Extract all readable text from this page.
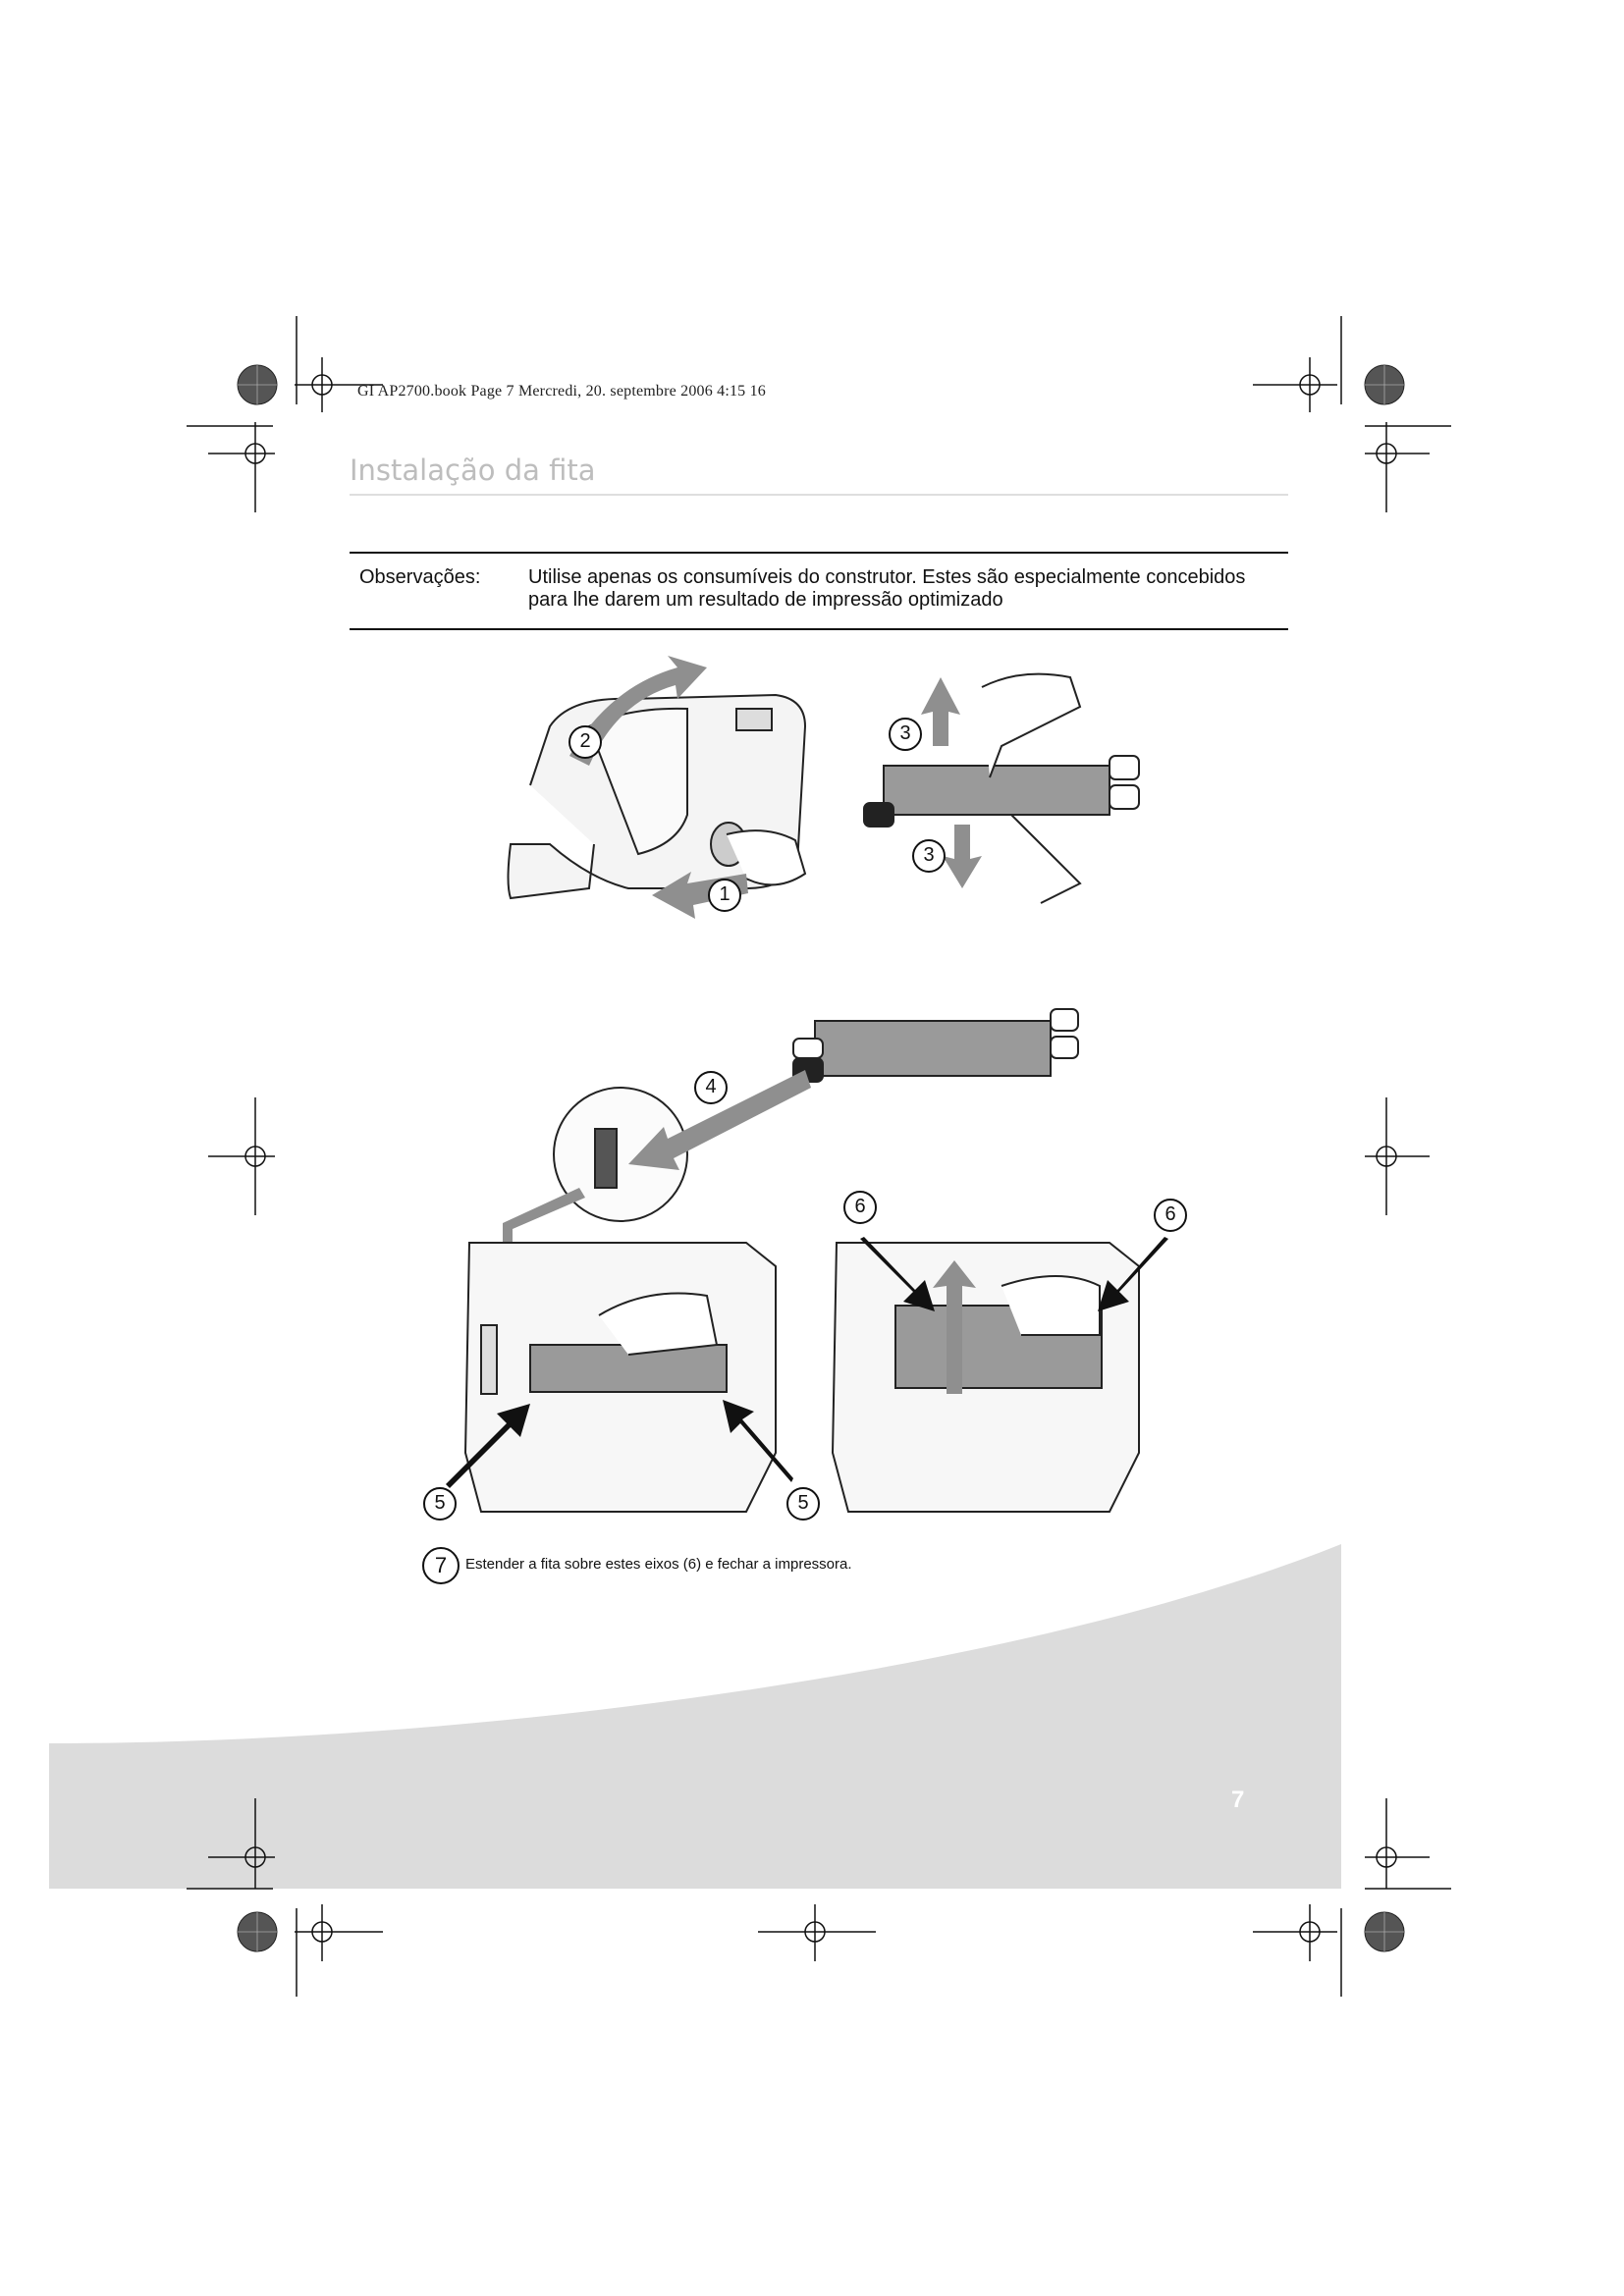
GI AP2700.book Page 7 Mercredi, 20. septembre 2006 4:15 16
Instalação da fita
Observações: Utilise apenas os consumíveis do construtor. Estes são especialmente concebidos
para lhe darem um resultado de impressão optimizado
1
2	3
3
4
5	5
6	6
7	Estender a fita sobre estes eixos (6) e fechar a impressora.
7
